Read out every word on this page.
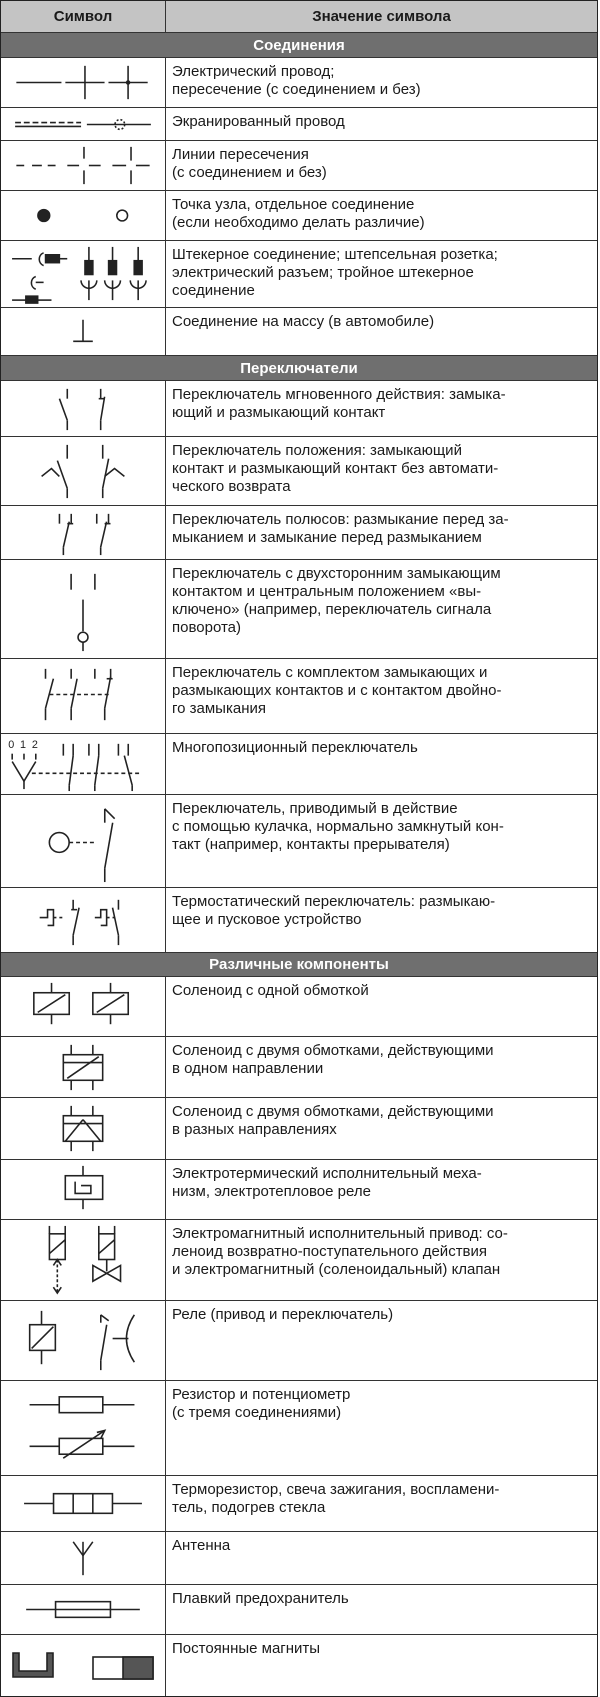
Символ	Значение символа
Соединения
Электрический провод;
пересечение (с соединением и без)
Экранированный провод
Линии пересечения
(с соединением и без)
Точка узла, отдельное соединение
(если необходимо делать различие)
Штекерное соединение; штепсельная розетка;
электрический разъем; тройное штекерное
соединение
Соединение на массу (в автомобиле)
Переключатели
Переключатель мгновенного действия: замыка-
ющий и размыкающий контакт
Переключатель положения: замыкающий
контакт и размыкающий контакт без автомати-
ческого возврата
Переключатель полюсов: размыкание перед за-
мыканием и замыкание перед размыканием
Переключатель с двухсторонним замыкающим
контактом и центральным положением «вы-
ключено» (например, переключатель сигнала
поворота)
Переключатель с комплектом замыкающих и
размыкающих контактов и с контактом двойно-
го замыкания
0 1 2	Многопозиционный переключатель
Переключатель, приводимый в действие
с помощью кулачка, нормально замкнутый кон-
такт (например, контакты прерывателя)
Термостатический переключатель: размыкаю-
щее и пусковое устройство
Различные компоненты
Соленоид с одной обмоткой
Соленоид с двумя обмотками, действующими
в одном направлении
Соленоид с двумя обмотками, действующими
в разных направлениях
Электротермический исполнительный меха-
низм, электротепловое реле
Электромагнитный исполнительный привод: со-
леноид возвратно-поступательного действия
и электромагнитный (соленоидальный) клапан
Реле (привод и переключатель)
Резистор и потенциометр
(с тремя соединениями)
Терморезистор, свеча зажигания, воспламени-
тель, подогрев стекла
Антенна
Плавкий предохранитель
Постоянные магниты
